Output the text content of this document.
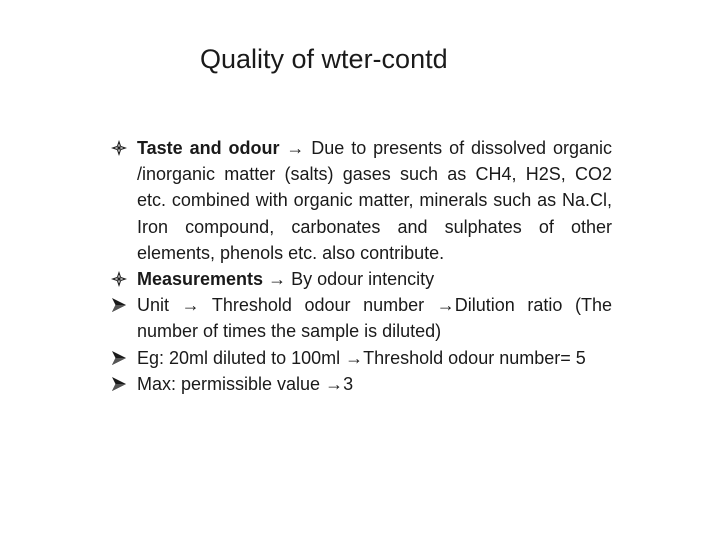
Quality of wter-contd
Taste and odour → Due to presents of dissolved organic /inorganic matter (salts) gases such as CH4, H2S, CO2 etc. combined with organic matter, minerals such as Na.Cl, Iron compound, carbonates and sulphates of other elements, phenols etc. also contribute.
Measurements → By odour intencity
Unit → Threshold odour number →Dilution ratio (The number of times the sample is diluted)
Eg: 20ml diluted to 100ml →Threshold odour number= 5
Max: permissible value →3
